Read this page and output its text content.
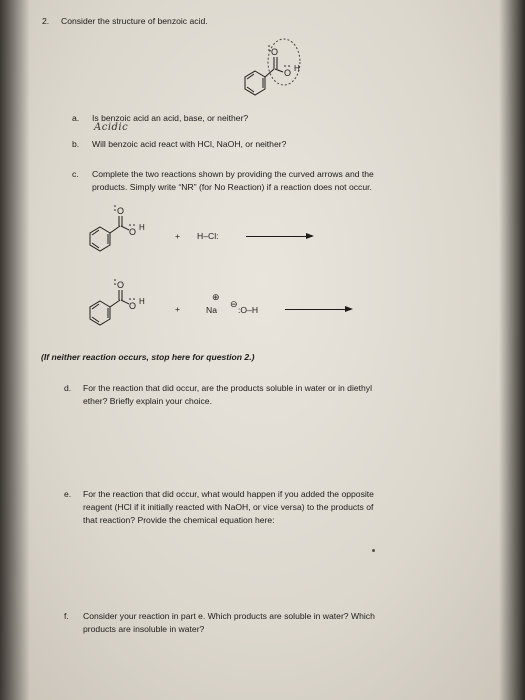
2. Consider the structure of benzoic acid.
O
O H
a. Is benzoic acid an acid, base, or neither?
Acidic
b. Will benzoic acid react with HCl, NaOH, or neither?
c. Complete the two reactions shown by providing the curved arrows and the
products. Simply write “NR” (for No Reaction) if a reaction does not occur.
O
O H
+ H–Cl:
O
O H
+
⊕
Na
⊖
:O–H
(If neither reaction occurs, stop here for question 2.)
d. For the reaction that did occur, are the products soluble in water or in diethyl
ether? Briefly explain your choice.
e. For the reaction that did occur, what would happen if you added the opposite
reagent (HCl if it initially reacted with NaOH, or vice versa) to the products of
that reaction? Provide the chemical equation here:
f. Consider your reaction in part e. Which products are soluble in water? Which
products are insoluble in water?
